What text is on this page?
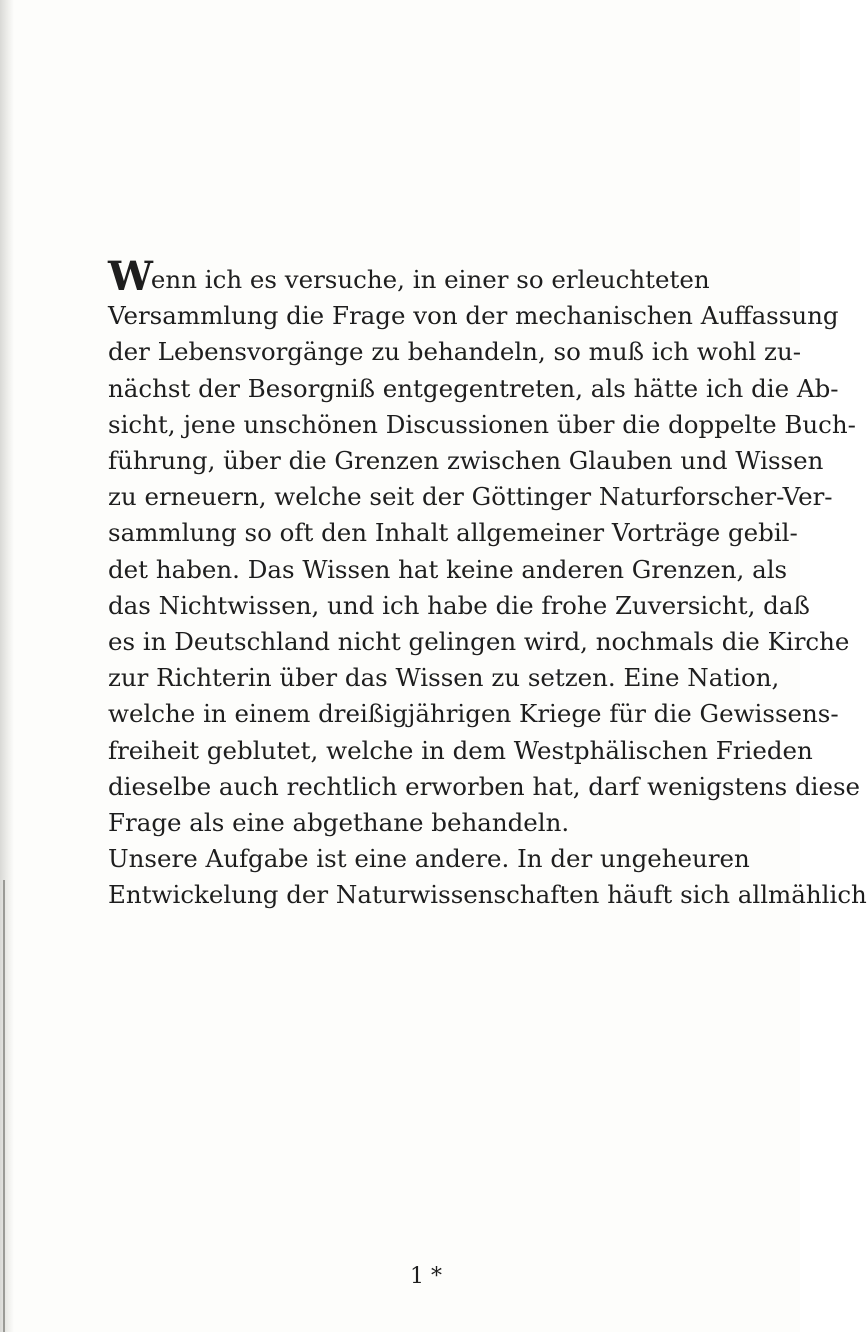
Wenn ich es versuche, in einer so erleuchteten
Versammlung die Frage von der mechanischen Auffassung
der Lebensvorgänge zu behandeln, so muß ich wohl zu-
nächst der Besorgniß entgegentreten, als hätte ich die Ab-
sicht, jene unschönen Discussionen über die doppelte Buch-
führung, über die Grenzen zwischen Glauben und Wissen
zu erneuern, welche seit der Göttinger Naturforscher-Ver-
sammlung so oft den Inhalt allgemeiner Vorträge gebil-
det haben. Das Wissen hat keine anderen Grenzen, als
das Nichtwissen, und ich habe die frohe Zuversicht, daß
es in Deutschland nicht gelingen wird, nochmals die Kirche
zur Richterin über das Wissen zu setzen. Eine Nation,
welche in einem dreißigjährigen Kriege für die Gewissens-
freiheit geblutet, welche in dem Westphälischen Frieden
dieselbe auch rechtlich erworben hat, darf wenigstens diese
Frage als eine abgethane behandeln.
Unsere Aufgabe ist eine andere. In der ungeheuren
Entwickelung der Naturwissenschaften häuft sich allmählich
1 *
